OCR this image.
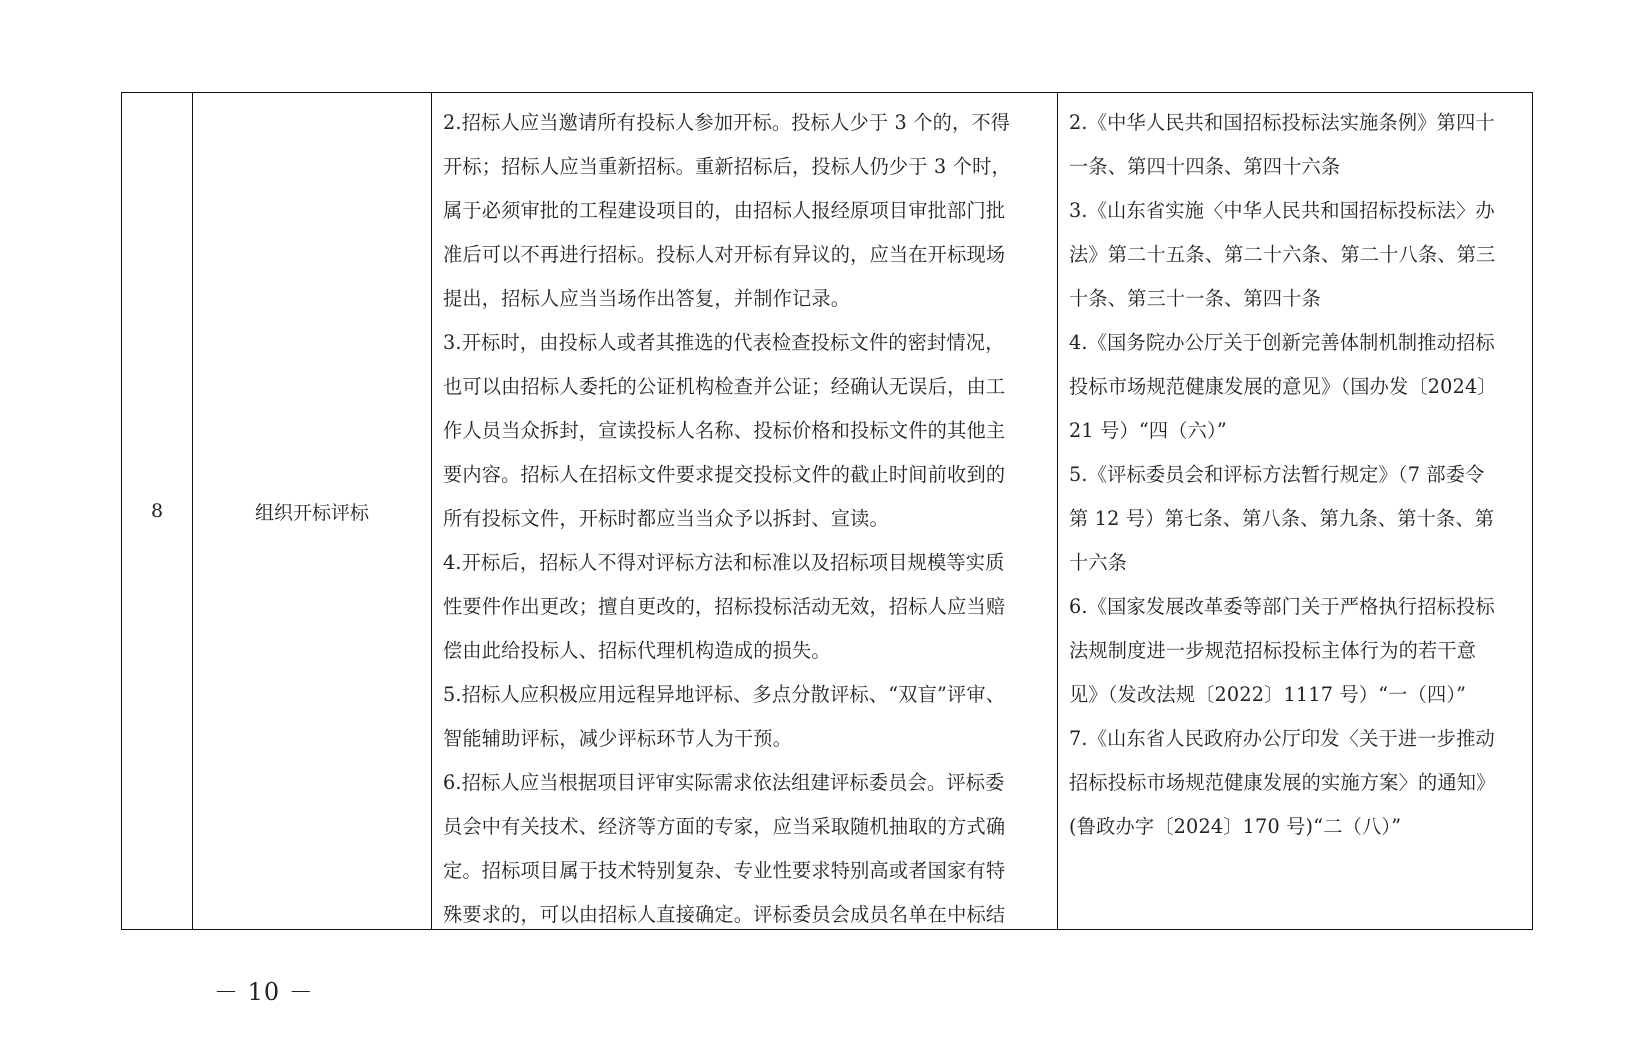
8	组织开标评标
2.招标人应当邀请所有投标人参加开标。投标人少于 3 个的，不得
开标；招标人应当重新招标。重新招标后，投标人仍少于 3 个时，
属于必须审批的工程建设项目的，由招标人报经原项目审批部门批
准后可以不再进行招标。投标人对开标有异议的，应当在开标现场
提出，招标人应当当场作出答复，并制作记录。
3.开标时，由投标人或者其推选的代表检查投标文件的密封情况，
也可以由招标人委托的公证机构检查并公证；经确认无误后，由工
作人员当众拆封，宣读投标人名称、投标价格和投标文件的其他主
要内容。招标人在招标文件要求提交投标文件的截止时间前收到的
所有投标文件，开标时都应当当众予以拆封、宣读。
4.开标后，招标人不得对评标方法和标准以及招标项目规模等实质
性要件作出更改；擅自更改的，招标投标活动无效，招标人应当赔
偿由此给投标人、招标代理机构造成的损失。
5.招标人应积极应用远程异地评标、多点分散评标、“双盲”评审、
智能辅助评标，减少评标环节人为干预。
6.招标人应当根据项目评审实际需求依法组建评标委员会。评标委
员会中有关技术、经济等方面的专家，应当采取随机抽取的方式确
定。招标项目属于技术特别复杂、专业性要求特别高或者国家有特
殊要求的，可以由招标人直接确定。评标委员会成员名单在中标结
2.《中华人民共和国招标投标法实施条例》第四十
一条、第四十四条、第四十六条
3.《山东省实施〈中华人民共和国招标投标法〉办
法》第二十五条、第二十六条、第二十八条、第三
十条、第三十一条、第四十条
4.《国务院办公厅关于创新完善体制机制推动招标
投标市场规范健康发展的意见》（国办发〔2024〕
21 号）“四（六）”
5.《评标委员会和评标方法暂行规定》（7 部委令
第 12 号）第七条、第八条、第九条、第十条、第
十六条
6.《国家发展改革委等部门关于严格执行招标投标
法规制度进一步规范招标投标主体行为的若干意
见》（发改法规〔2022〕1117 号）“一（四）”
7.《山东省人民政府办公厅印发〈关于进一步推动
招标投标市场规范健康发展的实施方案〉的通知》
(鲁政办字〔2024〕170 号)“二（八）”
－ 10 －
